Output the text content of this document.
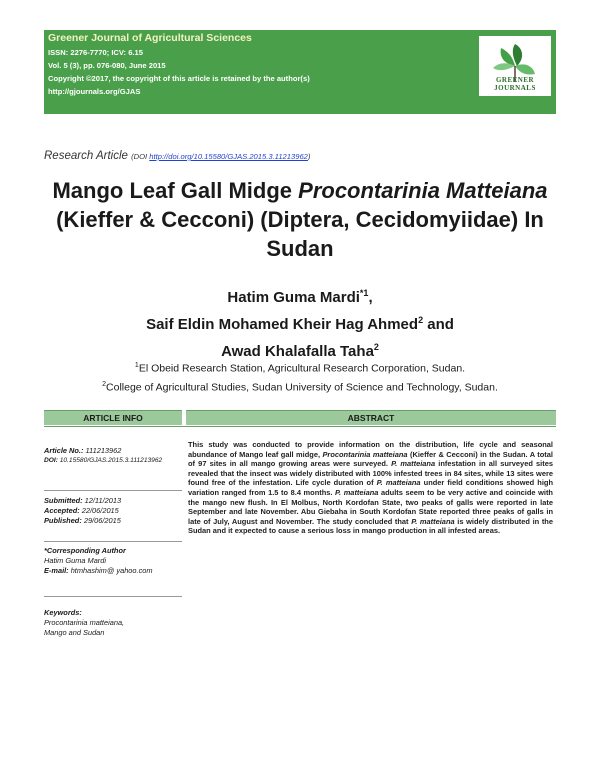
Greener Journal of Agricultural Sciences
ISSN: 2276-7770; ICV: 6.15
Vol. 5 (3), pp. 076-080, June 2015
Copyright ©2017, the copyright of this article is retained by the author(s)
http://gjournals.org/GJAS
GREENER JOURNALS
Research Article (DOI http://doi.org/10.15580/GJAS.2015.3.11213962)
Mango Leaf Gall Midge Procontarinia Matteiana (Kieffer & Cecconi) (Diptera, Cecidomyiidae) In Sudan
Hatim Guma Mardi$^{*1}$,
Saif Eldin Mohamed Kheir Hag Ahmed$^2$ and
Awad Khalafalla Taha$^2$
$^1$El Obeid Research Station, Agricultural Research Corporation, Sudan.
$^2$College of Agricultural Studies, Sudan University of Science and Technology, Sudan.
ARTICLE INFO	ABSTRACT
Article No.: 111213962
DOI: 10.15580/GJAS.2015.3.111213962
Submitted: 12/11/2013
Accepted: 22/06/2015
Published: 29/06/2015
*Corresponding Author
Hatim Guma Mardi
E-mail: htmhashim@ yahoo.com
Keywords:
Procontarinia matteiana, Mango and Sudan
This study was conducted to provide information on the distribution, life cycle and seasonal abundance of Mango leaf gall midge, Procontarinia matteiana (Kieffer & Cecconi) in the Sudan. A total of 97 sites in all mango growing areas were surveyed. P. matteiana infestation in all surveyed sites revealed that the insect was widely distributed with 100% infested trees in 84 sites, while 13 sites were found free of the infestation. Life cycle duration of P. matteiana under field conditions showed high variation ranged from 1.5 to 8.4 months. P. matteiana adults seem to be very active and coincide with the mango new flush. In El Molbus, North Kordofan State, two peaks of galls were reported in late September and late November. Abu Giebaha in South Kordofan State reported three peaks of galls in late of July, August and November. The study concluded that P. matteiana is widely distributed in the Sudan and it expected to cause a serious loss in mango production in all infested areas.
